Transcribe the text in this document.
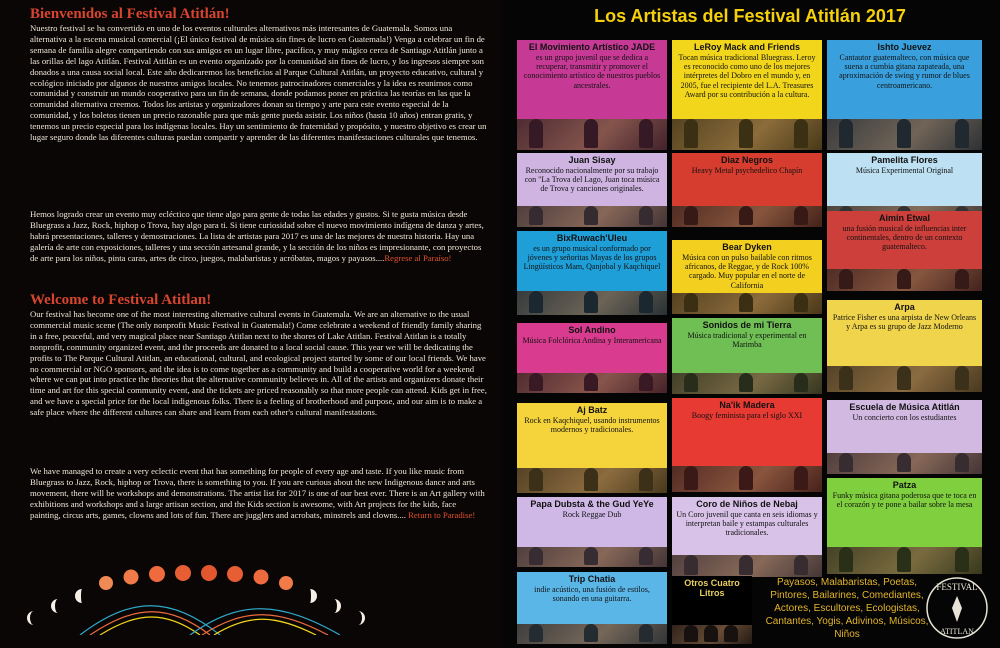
Bienvenidos al Festival Atitlán!

Nuestro festival se ha convertido en uno de los eventos culturales alternativos más interesantes de Guatemala. Somos una alternativa a la escena musical comercial (¡El único festival de música sin fines de lucro en Guatemala!) Venga a celebrar un fin de semana de familia alegre compartiendo con sus amigos en un lugar libre, pacífico, y muy mágico cerca de Santiago Atitlán junto a las orillas del lago Atitlán. Festival Atitlán es un evento organizado por la comunidad sin fines de lucro, y los ingresos siempre son donados a una causa social local. Este año dedicaremos los beneficios al Parque Cultural Atitlán, un proyecto educativo, cultural y ecológico iniciado por algunos de nuestros amigos locales. No tenemos patrocinadores comerciales y la idea es reunirnos como comunidad y construir un mundo cooperativo para un fin de semana, donde podamos poner en práctica las teorías en las que la comunidad alternativa creemos. Todos los artistas y organizadores donan su tiempo y arte para este evento especial de la comunidad, y los boletos tienen un precio razonable para que más gente pueda asistir. Los niños (hasta 10 años) entran gratis, y tenemos un precio especial para los indígenas locales. Hay un sentimiento de fraternidad y propósito, y nuestro objetivo es crear un lugar seguro donde las diferentes culturas puedan compartir y aprender de las diferentes manifestaciones culturales que tenemos.

Hemos logrado crear un evento muy ecléctico que tiene algo para gente de todas las edades y gustos. Si te gusta música desde Bluegrass a Jazz, Rock, hiphop o Trova, hay algo para ti. Si tiene curiosidad sobre el nuevo movimiento indígena de danza y artes, habrá presentaciones, talleres y demostraciones. La lista de artistas para 2017 es una de las mejores de nuestra historia. Hay una galería de arte con exposiciones, talleres y una sección artesanal grande, y la sección de los niños es impresionante, con proyectos de arte para los niños, pinta caras, artes de circo, juegos, malabaristas y acróbatas, magos y payasos....Regrese al Paraíso!

Welcome to Festival Atitlan!

Our festival has become one of the most interesting alternative cultural events in Guatemala. We are an alternative to the usual commercial music scene (The only nonprofit Music Festival in Guatemala!) Come celebrate a weekend of friendly family sharing in a free, peaceful, and very magical place near Santiago Atitlan next to the shores of Lake Atitlan. Festival Atitlan is a totally nonprofit, community organized event, and the proceeds are donated to a local social cause. This year we will be dedicating the profits to The Parque Cultural Atitlan, an educational, cultural, and ecological project started by some of our local friends. We have no commercial or NGO sponsors, and the idea is to come together as a community and build a cooperative world for a weekend where we can put into practice the theories that the alternative community believes in. All of the artists and organizers donate their time and art for this special community event, and the tickets are priced reasonably so that more people can attend. Kids get in free, and we have a special price for the local indigenous folks. There is a feeling of brotherhood and purpose, and our aim is to make a safe place where the different cultures can share and learn from each other's cultural manifestations.

We have managed to create a very eclectic event that has something for people of every age and taste. If you like music from Bluegrass to Jazz, Rock, hiphop or Trova, there is something to you. If you are curious about the new Indigenous dance and arts movement, there will be workshops and demonstrations. The artist list for 2017 is one of our best ever. There is an Art gallery with exhibitions and workshops and a large artisan section, and the Kids section is awesome, with Art projects for the kids, face painting, circus arts, games, clowns and lots of fun. There are jugglers and acrobats, minstrels and clowns.... Return to Paradise!

Los Artistas del Festival Atitlán 2017
El Movimiento Artístico JADE
es un grupo juvenil que se dedica a recuperar, transmitir y promover el conocimiento artístico de nuestros pueblos ancestrales.
LeRoy Mack and Friends
Tocan música tradicional Bluegrass. Leroy es reconocido como uno de los mejores intérpretes del Dobro en el mundo y, en 2005, fue el recipiente del L.A. Treasures Award por su contribución a la cultura.
Ishto Juevez
Cantautor guatemalteco, con música que suena a cumbia gitana zapateada, una aproximación de swing y rumor de blues centroamericano.
Juan Sisay
Reconocido nacionalmente por su trabajo con "La Trova del Lago, Juan toca música de Trova y canciones originales.
Diaz Negros
Heavy Metal psychedelico Chapín
Pamelita Flores
Música Experimental Original
Aimin Etwal
una fusión musical de influencias inter continentales, dentro de un contexto guatemalteco.
BixRuwach'Uleu
es un grupo musical conformado por jóvenes y señoritas Mayas de los grupos Lingüísticos Mam, Qanjobal y Kaqchiquel
Bear Dyken
Música con un pulso bailable con ritmos africanos, de Reggae, y de Rock 100% cargado. Muy popular en el norte de California
Arpa
Patrice Fisher es una arpista de New Orleans y Arpa es su grupo de Jazz Moderno
Sol Andino
Música Folclórica Andina y Interamericana
Sonidos de mi Tierra
Música tradicional y experimental en Marimba
Aj Batz
Rock en Kaqchiquel, usando instrumentos modernos y tradicionales.
Na'ik Madera
Boogy feminista para el siglo XXI
Escuela de Música Atitlán
Un concierto con los estudiantes
Papa Dubsta & the Gud YeYe
Rock Reggae Dub
Coro de Niños de Nebaj
Un Coro juvenil que canta en seis idiomas y interpretan baile y estampas culturales tradicionales.
Patza
Funky música gitana poderosa que te toca en el corazón y te pone a bailar sobre la mesa
Trip Chatia
indie acústico, una fusión de estilos, sonando en una guitarra.
Otros Cuatro Litros
Payasos, Malabaristas, Poetas, Pintores, Bailarines, Comediantes, Actores, Escultores, Ecologistas, Cantantes, Yogis, Adivinos, Músicos, Niños
FESTIVAL
ATITLAN
